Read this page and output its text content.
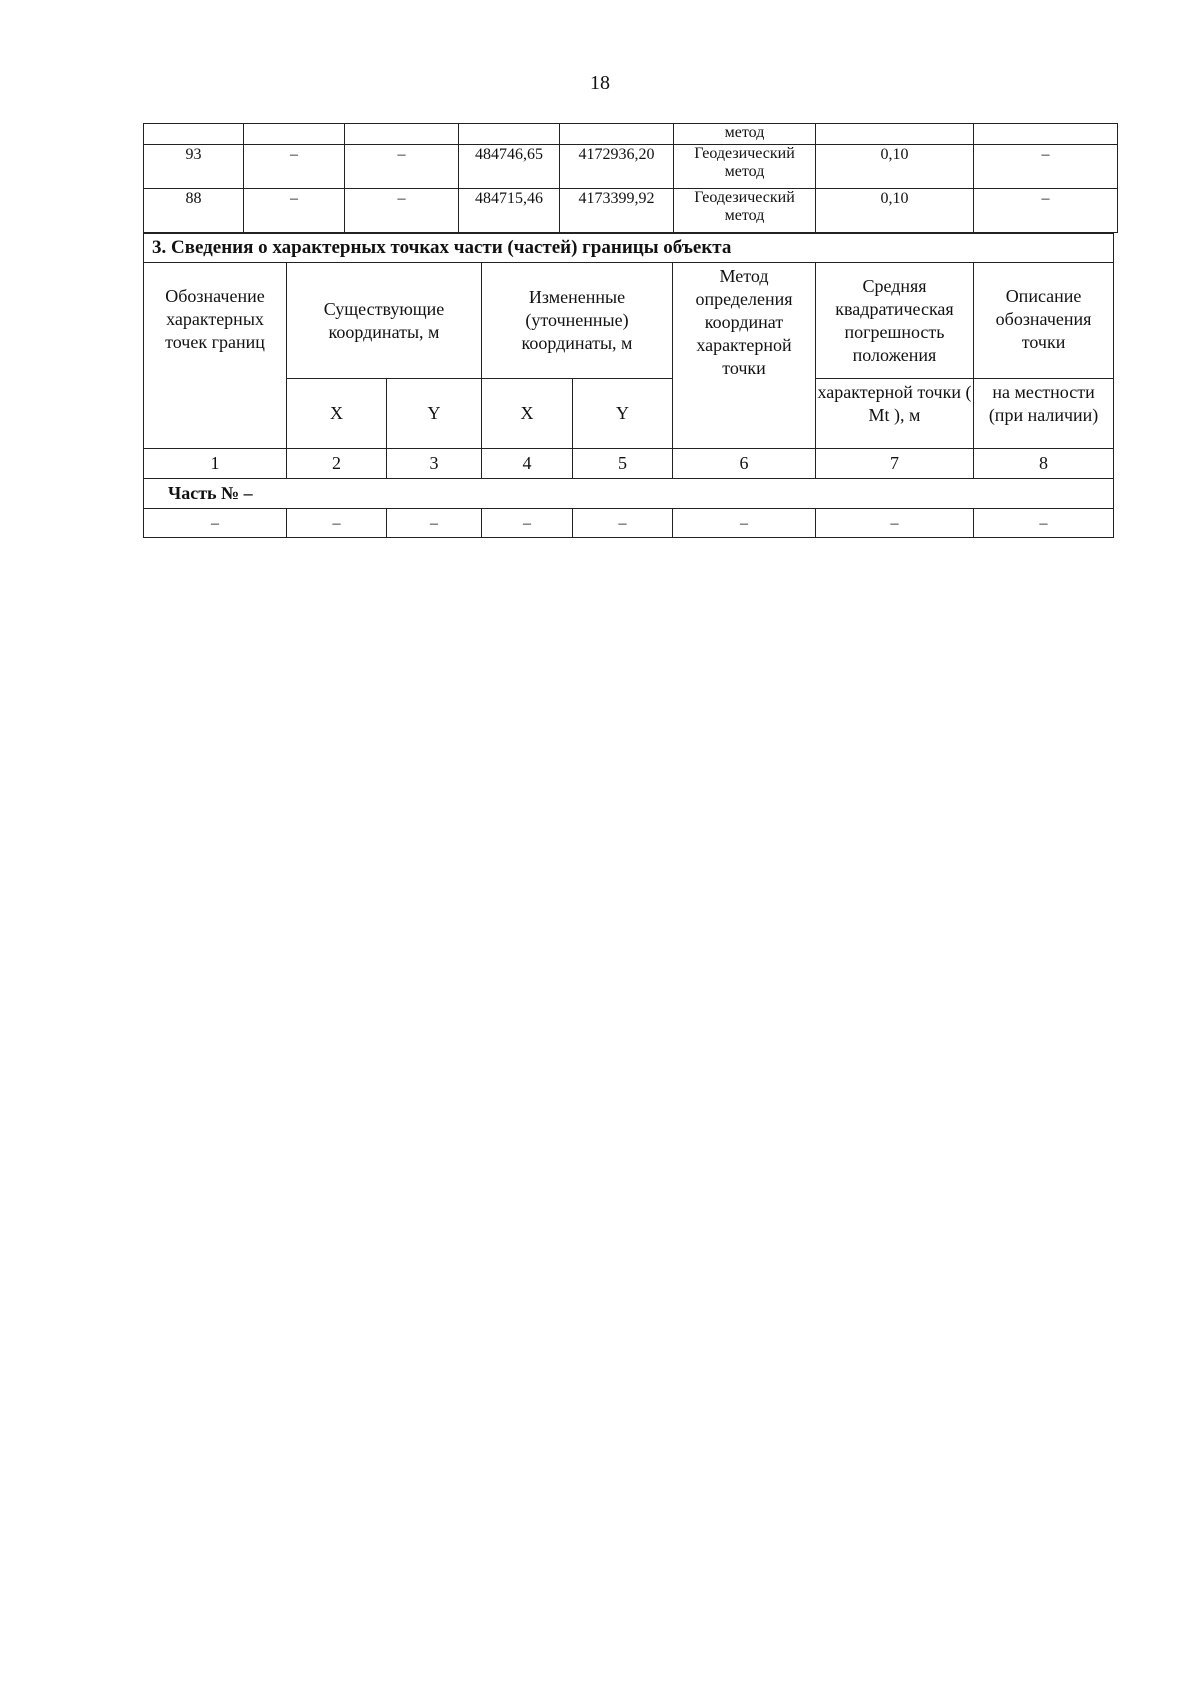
18
					метод		
93	–	–	484746,65	4172936,20	Геодезический метод	0,10	–
88	–	–	484715,46	4173399,92	Геодезический метод	0,10	–
3. Сведения о характерных точках части (частей) границы объекта							
Обозначение характерных точек границ	Существующие координаты, м		Измененные (уточненные) координаты, м		Метод определения координат характерной точки	Средняя квадратическая погрешность положения	Описание обозначения точки
	X	Y	X	Y		характерной точки ( Mt ), м	на местности (при наличии)
1	2	3	4	5	6	7	8
Часть № –							
–	–	–	–	–	–	–	–
